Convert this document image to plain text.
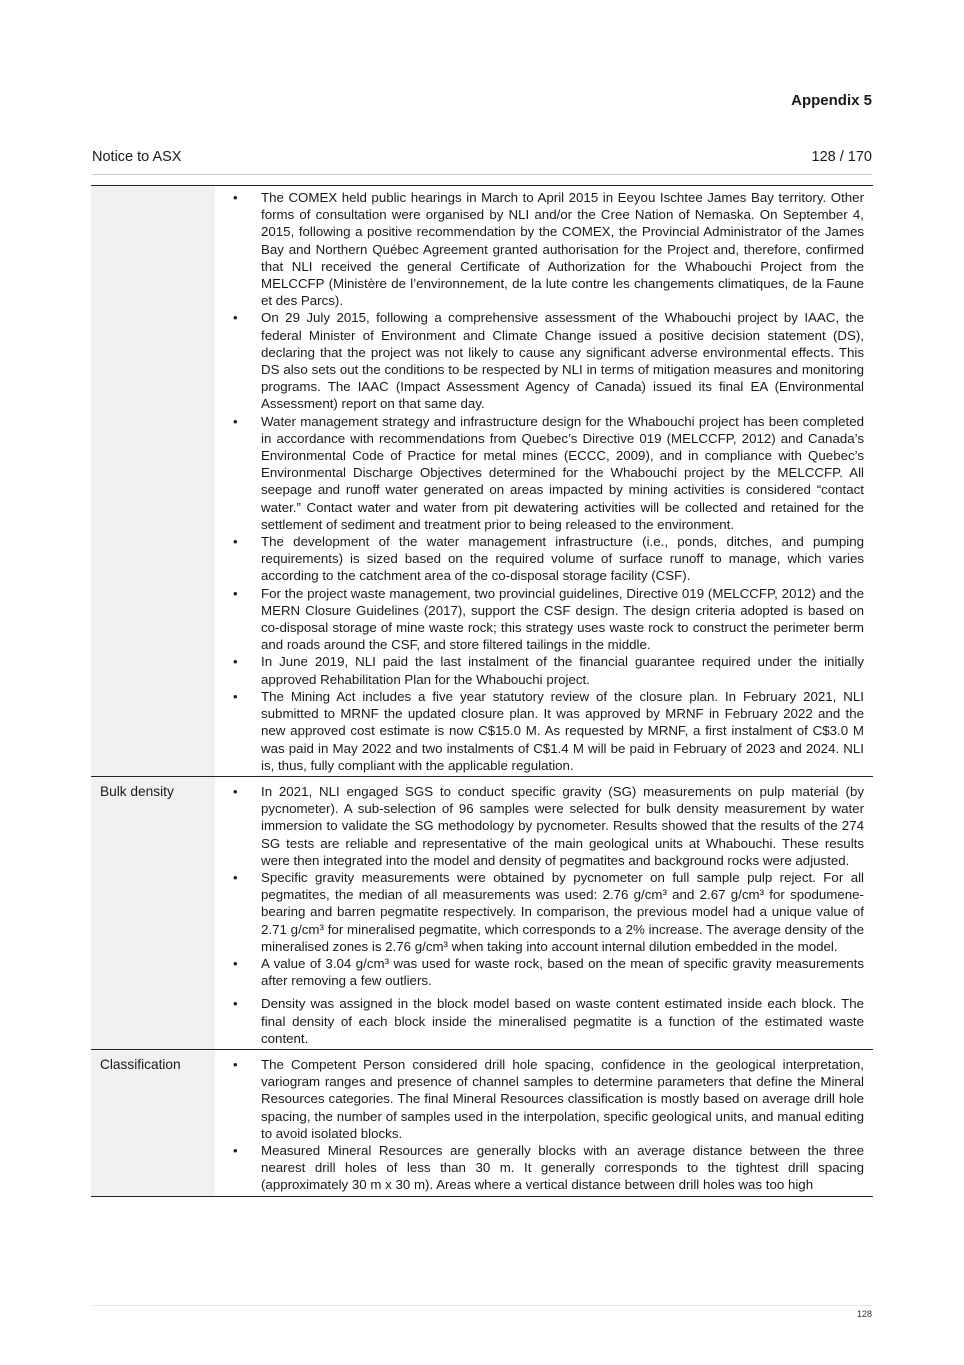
Appendix 5
Notice to ASX	128 / 170
• The COMEX held public hearings in March to April 2015 in Eeyou Ischtee James Bay territory. Other forms of consultation were organised by NLI and/or the Cree Nation of Nemaska. On September 4, 2015, following a positive recommendation by the COMEX, the Provincial Administrator of the James Bay and Northern Québec Agreement granted authorisation for the Project and, therefore, confirmed that NLI received the general Certificate of Authorization for the Whabouchi Project from the MELCCFP (Ministère de l’environnement, de la lute contre les changements climatiques, de la Faune et des Parcs).
• On 29 July 2015, following a comprehensive assessment of the Whabouchi project by IAAC, the federal Minister of Environment and Climate Change issued a positive decision statement (DS), declaring that the project was not likely to cause any significant adverse environmental effects. This DS also sets out the conditions to be respected by NLI in terms of mitigation measures and monitoring programs. The IAAC (Impact Assessment Agency of Canada) issued its final EA (Environmental Assessment) report on that same day.
• Water management strategy and infrastructure design for the Whabouchi project has been completed in accordance with recommendations from Quebec’s Directive 019 (MELCCFP, 2012) and Canada’s Environmental Code of Practice for metal mines (ECCC, 2009), and in compliance with Quebec’s Environmental Discharge Objectives determined for the Whabouchi project by the MELCCFP. All seepage and runoff water generated on areas impacted by mining activities is considered “contact water.” Contact water and water from pit dewatering activities will be collected and retained for the settlement of sediment and treatment prior to being released to the environment.
• The development of the water management infrastructure (i.e., ponds, ditches, and pumping requirements) is sized based on the required volume of surface runoff to manage, which varies according to the catchment area of the co-disposal storage facility (CSF).
• For the project waste management, two provincial guidelines, Directive 019 (MELCCFP, 2012) and the MERN Closure Guidelines (2017), support the CSF design. The design criteria adopted is based on co-disposal storage of mine waste rock; this strategy uses waste rock to construct the perimeter berm and roads around the CSF, and store filtered tailings in the middle.
• In June 2019, NLI paid the last instalment of the financial guarantee required under the initially approved Rehabilitation Plan for the Whabouchi project.
• The Mining Act includes a five year statutory review of the closure plan. In February 2021, NLI submitted to MRNF the updated closure plan. It was approved by MRNF in February 2022 and the new approved cost estimate is now C$15.0 M. As requested by MRNF, a first instalment of C$3.0 M was paid in May 2022 and two instalments of C$1.4 M will be paid in February of 2023 and 2024. NLI is, thus, fully compliant with the applicable regulation.
Bulk density	• In 2021, NLI engaged SGS to conduct specific gravity (SG) measurements on pulp material (by pycnometer). A sub-selection of 96 samples were selected for bulk density measurement by water immersion to validate the SG methodology by pycnometer. Results showed that the results of the 274 SG tests are reliable and representative of the main geological units at Whabouchi. These results were then integrated into the model and density of pegmatites and background rocks were adjusted.
• Specific gravity measurements were obtained by pycnometer on full sample pulp reject. For all pegmatites, the median of all measurements was used: 2.76 g/cm³ and 2.67 g/cm³ for spodumene-bearing and barren pegmatite respectively. In comparison, the previous model had a unique value of 2.71 g/cm³ for mineralised pegmatite, which corresponds to a 2% increase. The average density of the mineralised zones is 2.76 g/cm³ when taking into account internal dilution embedded in the model.
• A value of 3.04 g/cm³ was used for waste rock, based on the mean of specific gravity measurements after removing a few outliers.
• Density was assigned in the block model based on waste content estimated inside each block. The final density of each block inside the mineralised pegmatite is a function of the estimated waste content.
Classification	• The Competent Person considered drill hole spacing, confidence in the geological interpretation, variogram ranges and presence of channel samples to determine parameters that define the Mineral Resources categories. The final Mineral Resources classification is mostly based on average drill hole spacing, the number of samples used in the interpolation, specific geological units, and manual editing to avoid isolated blocks.
• Measured Mineral Resources are generally blocks with an average distance between the three nearest drill holes of less than 30 m. It generally corresponds to the tightest drill spacing (approximately 30 m x 30 m). Areas where a vertical distance between drill holes was too high
128
